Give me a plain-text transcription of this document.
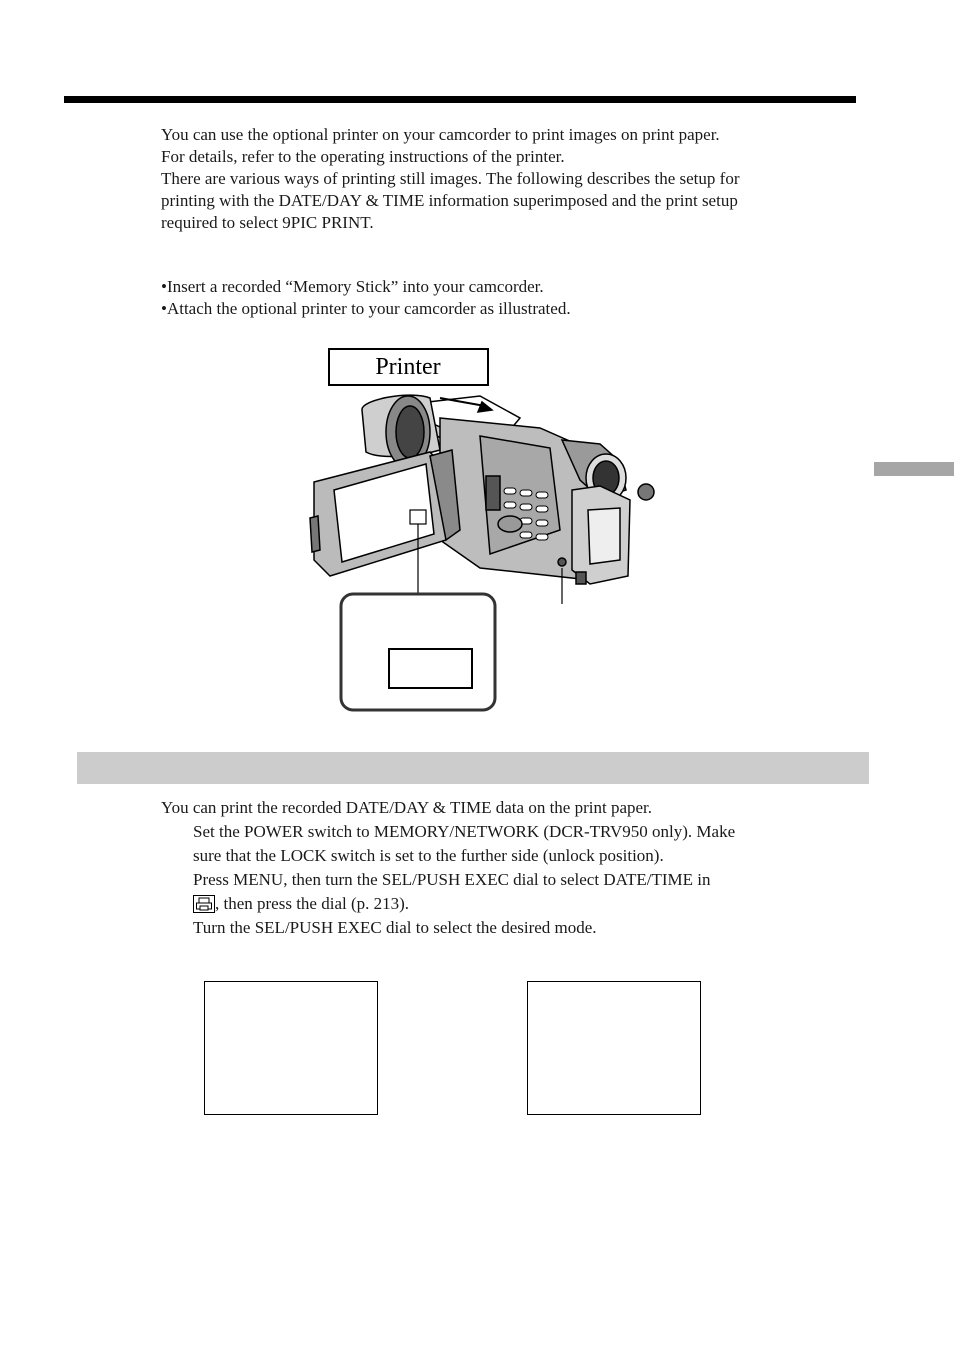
You can use the optional printer on your camcorder to print images on print paper.
For details, refer to the operating instructions of the printer.
There are various ways of printing still images. The following describes the setup for
printing with the DATE/DAY & TIME information superimposed and the print setup
required to select 9PIC PRINT.

•Insert a recorded “Memory Stick” into your camcorder.
•Attach the optional printer to your camcorder as illustrated.

Printer
You can print the recorded DATE/DAY & TIME data on the print paper.
Set the POWER switch to MEMORY/NETWORK (DCR-TRV950 only). Make
sure that the LOCK switch is set to the further side (unlock position).
Press MENU, then turn the SEL/PUSH EXEC dial to select DATE/TIME in
, then press the dial (p. 213).
Turn the SEL/PUSH EXEC dial to select the desired mode.
